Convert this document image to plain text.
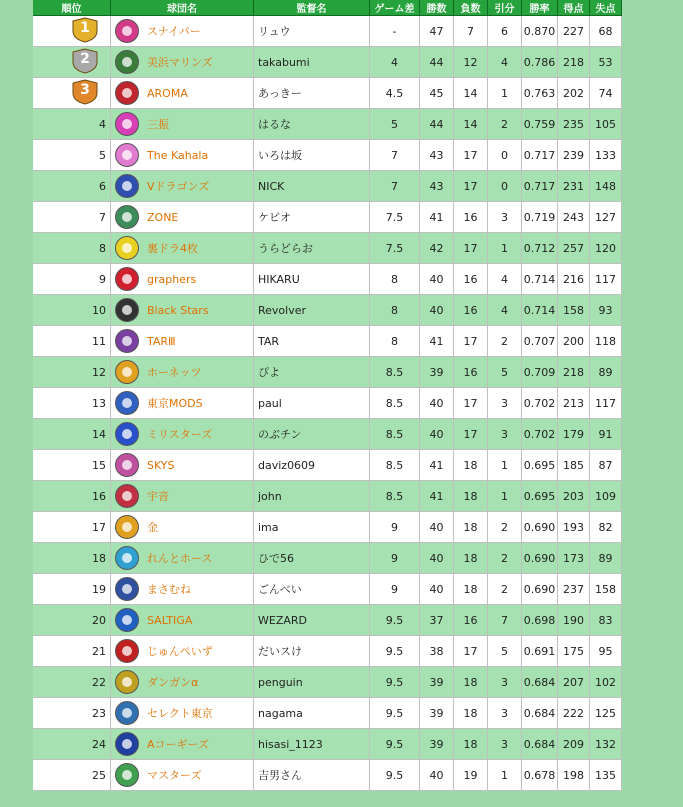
順位	球団名	監督名	ゲーム差	勝数	負数	引分	勝率	得点	失点

1	スナイパー	リュウ	-	47	7	6	0.870	227	68

2	美浜マリンズ	takabumi	4	44	12	4	0.786	218	53

3	AROMA	あっきー	4.5	45	14	1	0.763	202	74
4	三振	はるな	5	44	14	2	0.759	235	105
5	The Kahala	いろは坂	7	43	17	0	0.717	239	133
6	Vドラゴンズ	NICK	7	43	17	0	0.717	231	148
7	ZONE	ケビオ	7.5	41	16	3	0.719	243	127
8	裏ドラ4枚	うらどらお	7.5	42	17	1	0.712	257	120
9	graphers	HIKARU	8	40	16	4	0.714	216	117
10	Black Stars	Revolver	8	40	16	4	0.714	158	93
11	TARⅢ	TAR	8	41	17	2	0.707	200	118
12	ホーネッツ	ぴよ	8.5	39	16	5	0.709	218	89
13	東京MODS	paul	8.5	40	17	3	0.702	213	117
14	ミリスターズ	のぶチン	8.5	40	17	3	0.702	179	91
15	SKYS	daviz0609	8.5	41	18	1	0.695	185	87
16	宇音	john	8.5	41	18	1	0.695	203	109
17	金	ima	9	40	18	2	0.690	193	82
18	れんとホース	ひで56	9	40	18	2	0.690	173	89
19	まさむね	ごんべい	9	40	18	2	0.690	237	158
20	SALTIGA	WEZARD	9.5	37	16	7	0.698	190	83
21	じゅんぺいず	だいスけ	9.5	38	17	5	0.691	175	95
22	ダンガンα	penguin	9.5	39	18	3	0.684	207	102
23	セレクト東京	nagama	9.5	39	18	3	0.684	222	125
24	Aコーギーズ	hisasi_1123	9.5	39	18	3	0.684	209	132
25	マスターズ	吉男さん	9.5	40	19	1	0.678	198	135
